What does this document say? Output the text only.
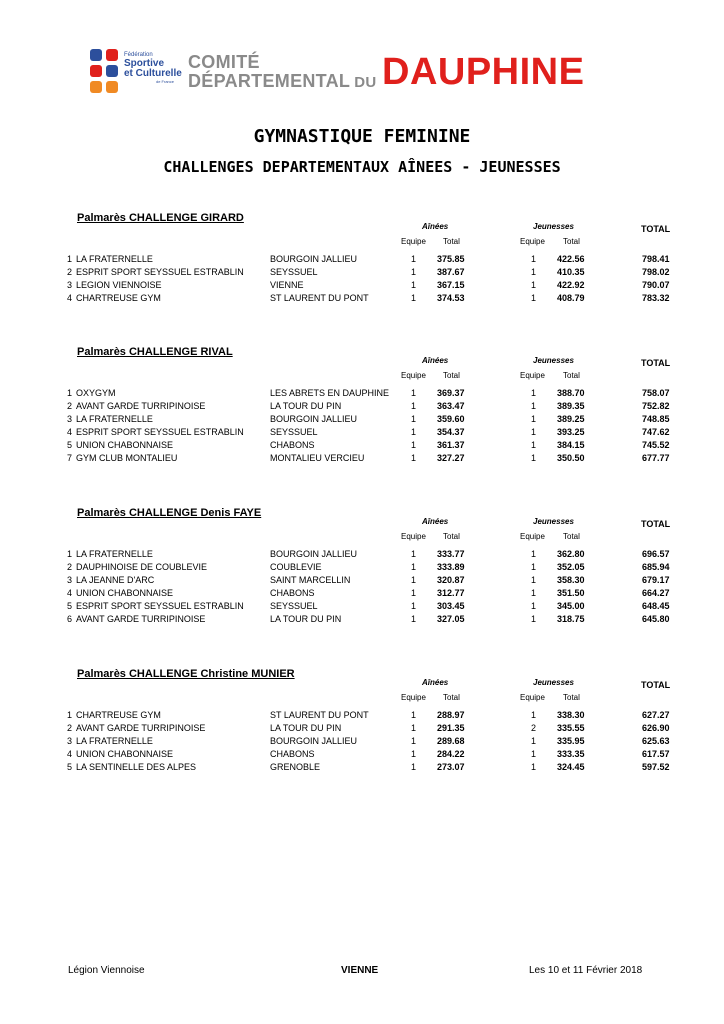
Fédération
Sportive
et Culturelle
de France
COMITÉ
DÉPARTEMENTAL DU DAUPHINE
GYMNASTIQUE FEMININE
CHALLENGES DEPARTEMENTAUX AÎNEES - JEUNESSES
Palmarès CHALLENGE GIRARD
Aînées	Jeunesses	TOTAL
Equipe Total	Equipe Total
1 LA FRATERNELLE	BOURGOIN JALLIEU	1 375.85	1 422.56	798.41
2 ESPRIT SPORT SEYSSUEL ESTRABLIN	SEYSSUEL	1 387.67	1 410.35	798.02
3 LEGION VIENNOISE	VIENNE	1 367.15	1 422.92	790.07
4 CHARTREUSE GYM	ST LAURENT DU PONT	1 374.53	1 408.79	783.32
Palmarès CHALLENGE RIVAL
Aînées	Jeunesses	TOTAL
Equipe Total	Equipe Total
1 OXYGYM	LES ABRETS EN DAUPHINE 1 369.37	1 388.70	758.07
2 AVANT GARDE TURRIPINOISE	LA TOUR DU PIN	1 363.47	1 389.35	752.82
3 LA FRATERNELLE	BOURGOIN JALLIEU	1 359.60	1 389.25	748.85
4 ESPRIT SPORT SEYSSUEL ESTRABLIN	SEYSSUEL	1 354.37	1 393.25	747.62
5 UNION CHABONNAISE	CHABONS	1 361.37	1 384.15	745.52
7 GYM CLUB MONTALIEU	MONTALIEU VERCIEU	1 327.27	1 350.50	677.77
Palmarès CHALLENGE Denis FAYE
Aînées	Jeunesses	TOTAL
Equipe Total	Equipe Total
1 LA FRATERNELLE	BOURGOIN JALLIEU	1 333.77	1 362.80	696.57
2 DAUPHINOISE DE COUBLEVIE	COUBLEVIE	1 333.89	1 352.05	685.94
3 LA JEANNE D'ARC	SAINT MARCELLIN	1 320.87	1 358.30	679.17
4 UNION CHABONNAISE	CHABONS	1 312.77	1 351.50	664.27
5 ESPRIT SPORT SEYSSUEL ESTRABLIN	SEYSSUEL	1 303.45	1 345.00	648.45
6 AVANT GARDE TURRIPINOISE	LA TOUR DU PIN	1 327.05	1 318.75	645.80
Palmarès CHALLENGE Christine MUNIER
Aînées	Jeunesses	TOTAL
Equipe Total	Equipe Total
1 CHARTREUSE GYM	ST LAURENT DU PONT	1 288.97	1 338.30	627.27
2 AVANT GARDE TURRIPINOISE	LA TOUR DU PIN	1 291.35	2 335.55	626.90
3 LA FRATERNELLE	BOURGOIN JALLIEU	1 289.68	1 335.95	625.63
4 UNION CHABONNAISE	CHABONS	1 284.22	1 333.35	617.57
5 LA SENTINELLE DES ALPES	GRENOBLE	1 273.07	1 324.45	597.52
Légion Viennoise	VIENNE	Les 10 et 11 Février 2018
